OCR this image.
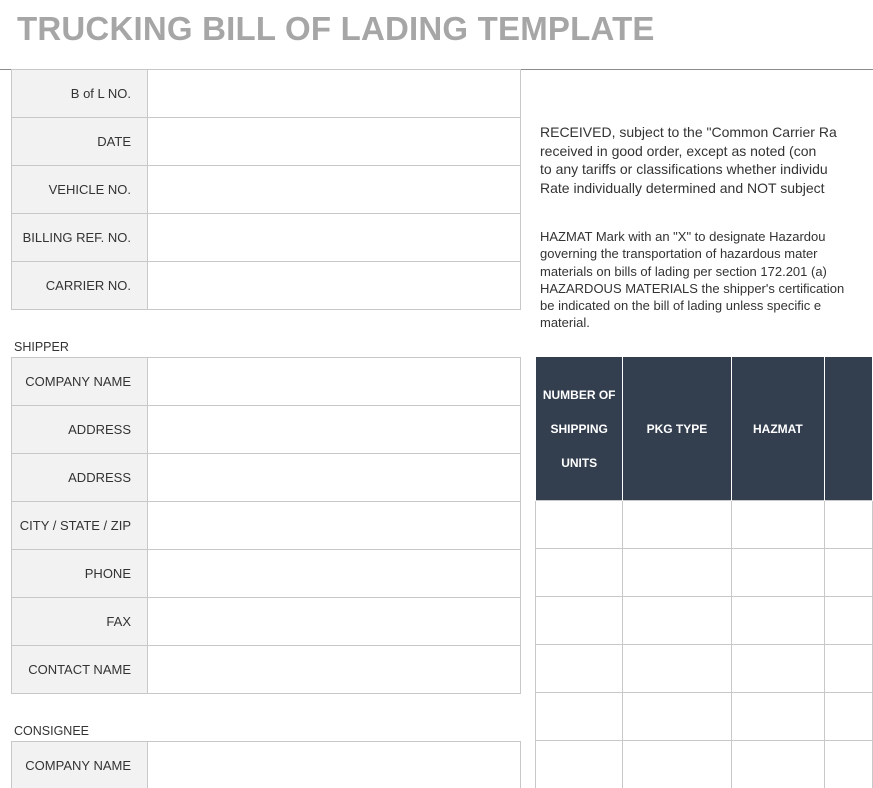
TRUCKING BILL OF LADING TEMPLATE
B of L NO.	
DATE	
VEHICLE NO.	
BILLING REF. NO.	
CARRIER NO.	
SHIPPER
COMPANY NAME	
ADDRESS	
ADDRESS	
CITY / STATE / ZIP	
PHONE	
FAX	
CONTACT NAME	
CONSIGNEE
COMPANY NAME	
RECEIVED, subject to the "Common Carrier Ra
received in good order, except as noted (con
to any tariffs or classifications whether individu
Rate individually determined and NOT subject
HAZMAT Mark with an "X" to designate Hazardou
governing the transportation of hazardous mater
materials on bills of lading per section 172.201 (a)
HAZARDOUS MATERIALS the shipper's certification
be indicated on the bill of lading unless specific e
material.
NUMBER OF
SHIPPING
UNITS	PKG TYPE	HAZMAT	
